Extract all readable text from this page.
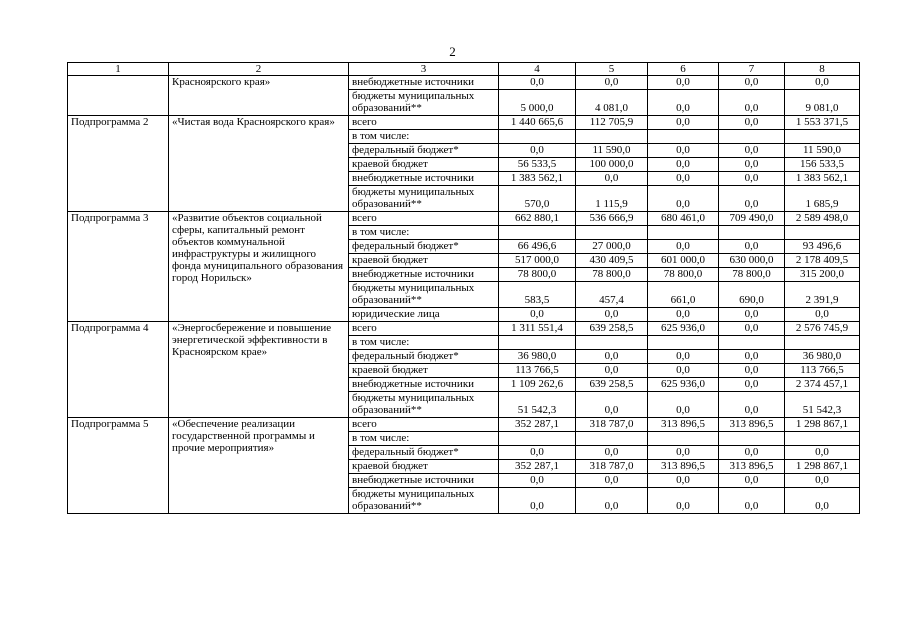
2
1	2	3	4	5	6	7	8
	Красноярского края»	внебюджетные источники	0,0	0,0	0,0	0,0	0,0
		бюджеты муниципальных образований**	5 000,0	4 081,0	0,0	0,0	9 081,0
Подпрограмма 2	«Чистая вода Красноярского края»	всего	1 440 665,6	112 705,9	0,0	0,0	1 553 371,5
		в том числе:					
		федеральный бюджет*	0,0	11 590,0	0,0	0,0	11 590,0
		краевой бюджет	56 533,5	100 000,0	0,0	0,0	156 533,5
		внебюджетные источники	1 383 562,1	0,0	0,0	0,0	1 383 562,1
		бюджеты муниципальных образований**	570,0	1 115,9	0,0	0,0	1 685,9
Подпрограмма 3	«Развитие объектов социальной сферы, капитальный ремонт объектов коммунальной инфраструктуры и жилищного фонда муниципального образования город Норильск»	всего	662 880,1	536 666,9	680 461,0	709 490,0	2 589 498,0
		в том числе:					
		федеральный бюджет*	66 496,6	27 000,0	0,0	0,0	93 496,6
		краевой бюджет	517 000,0	430 409,5	601 000,0	630 000,0	2 178 409,5
		внебюджетные источники	78 800,0	78 800,0	78 800,0	78 800,0	315 200,0
		бюджеты муниципальных образований**	583,5	457,4	661,0	690,0	2 391,9
		юридические лица	0,0	0,0	0,0	0,0	0,0
Подпрограмма 4	«Энергосбережение и повышение энергетической эффективности в Красноярском крае»	всего	1 311 551,4	639 258,5	625 936,0	0,0	2 576 745,9
		в том числе:					
		федеральный бюджет*	36 980,0	0,0	0,0	0,0	36 980,0
		краевой бюджет	113 766,5	0,0	0,0	0,0	113 766,5
		внебюджетные источники	1 109 262,6	639 258,5	625 936,0	0,0	2 374 457,1
		бюджеты муниципальных образований**	51 542,3	0,0	0,0	0,0	51 542,3
Подпрограмма 5	«Обеспечение реализации государственной программы и прочие мероприятия»	всего	352 287,1	318 787,0	313 896,5	313 896,5	1 298 867,1
		в том числе:					
		федеральный бюджет*	0,0	0,0	0,0	0,0	0,0
		краевой бюджет	352 287,1	318 787,0	313 896,5	313 896,5	1 298 867,1
		внебюджетные источники	0,0	0,0	0,0	0,0	0,0
		бюджеты муниципальных образований**	0,0	0,0	0,0	0,0	0,0
